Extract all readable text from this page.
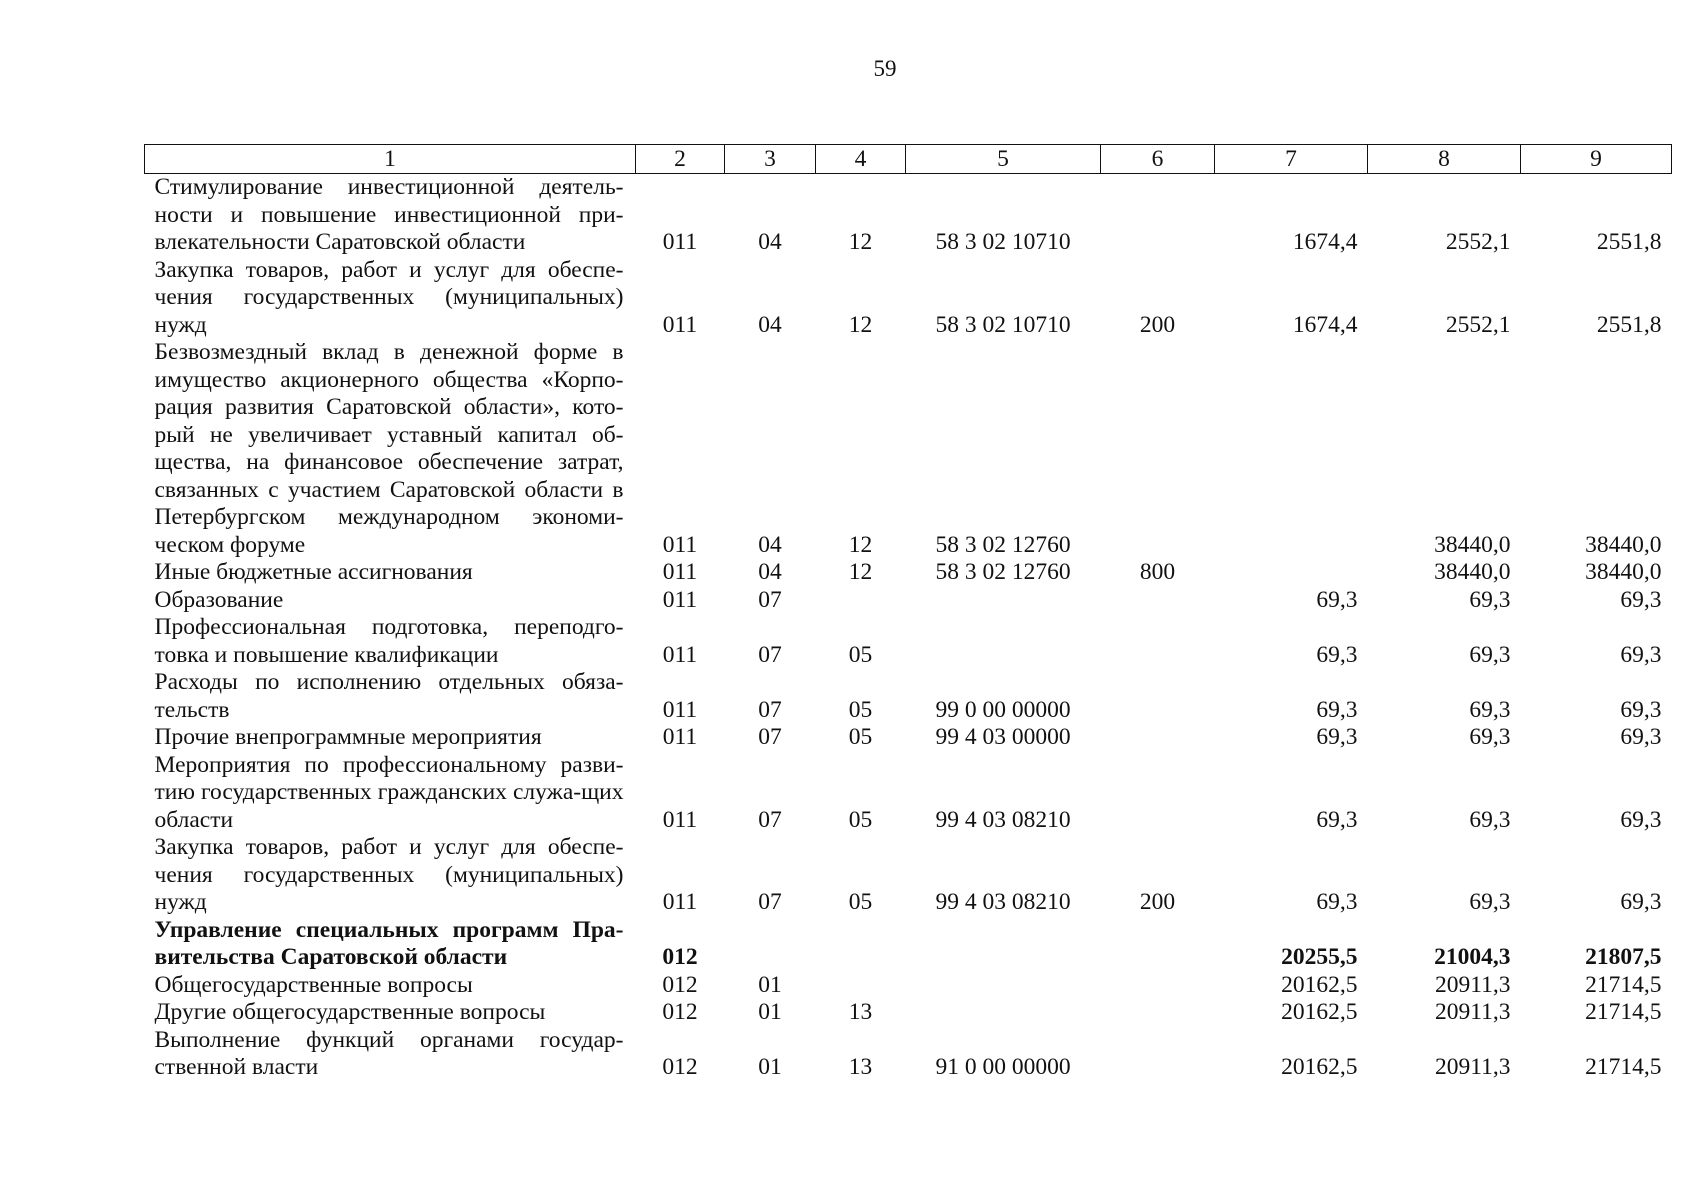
59
1	2	3	4	5	6	7	8	9
Стимулирование инвестиционной деятель-ности и повышение инвестиционной при-влекательности Саратовской области	011	04	12	58 3 02 10710		1674,4	2552,1	2551,8
Закупка товаров, работ и услуг для обеспе-чения государственных (муниципальных) нужд	011	04	12	58 3 02 10710	200	1674,4	2552,1	2551,8
Безвозмездный вклад в денежной форме в имущество акционерного общества «Корпо-рация развития Саратовской области», кото-рый не увеличивает уставный капитал об-щества, на финансовое обеспечение затрат, связанных с участием Саратовской области в Петербургском международном экономи-ческом форуме	011	04	12	58 3 02 12760			38440,0	38440,0
Иные бюджетные ассигнования	011	04	12	58 3 02 12760	800		38440,0	38440,0
Образование	011	07				69,3	69,3	69,3
Профессиональная подготовка, переподго-товка и повышение квалификации	011	07	05			69,3	69,3	69,3
Расходы по исполнению отдельных обяза-тельств	011	07	05	99 0 00 00000		69,3	69,3	69,3
Прочие внепрограммные мероприятия	011	07	05	99 4 03 00000		69,3	69,3	69,3
Мероприятия по профессиональному разви-тию государственных гражданских служа-щих области	011	07	05	99 4 03 08210		69,3	69,3	69,3
Закупка товаров, работ и услуг для обеспе-чения государственных (муниципальных) нужд	011	07	05	99 4 03 08210	200	69,3	69,3	69,3
Управление специальных программ Пра-вительства Саратовской области	012					20255,5	21004,3	21807,5
Общегосударственные вопросы	012	01				20162,5	20911,3	21714,5
Другие общегосударственные вопросы	012	01	13			20162,5	20911,3	21714,5
Выполнение функций органами государ-ственной власти	012	01	13	91 0 00 00000		20162,5	20911,3	21714,5
